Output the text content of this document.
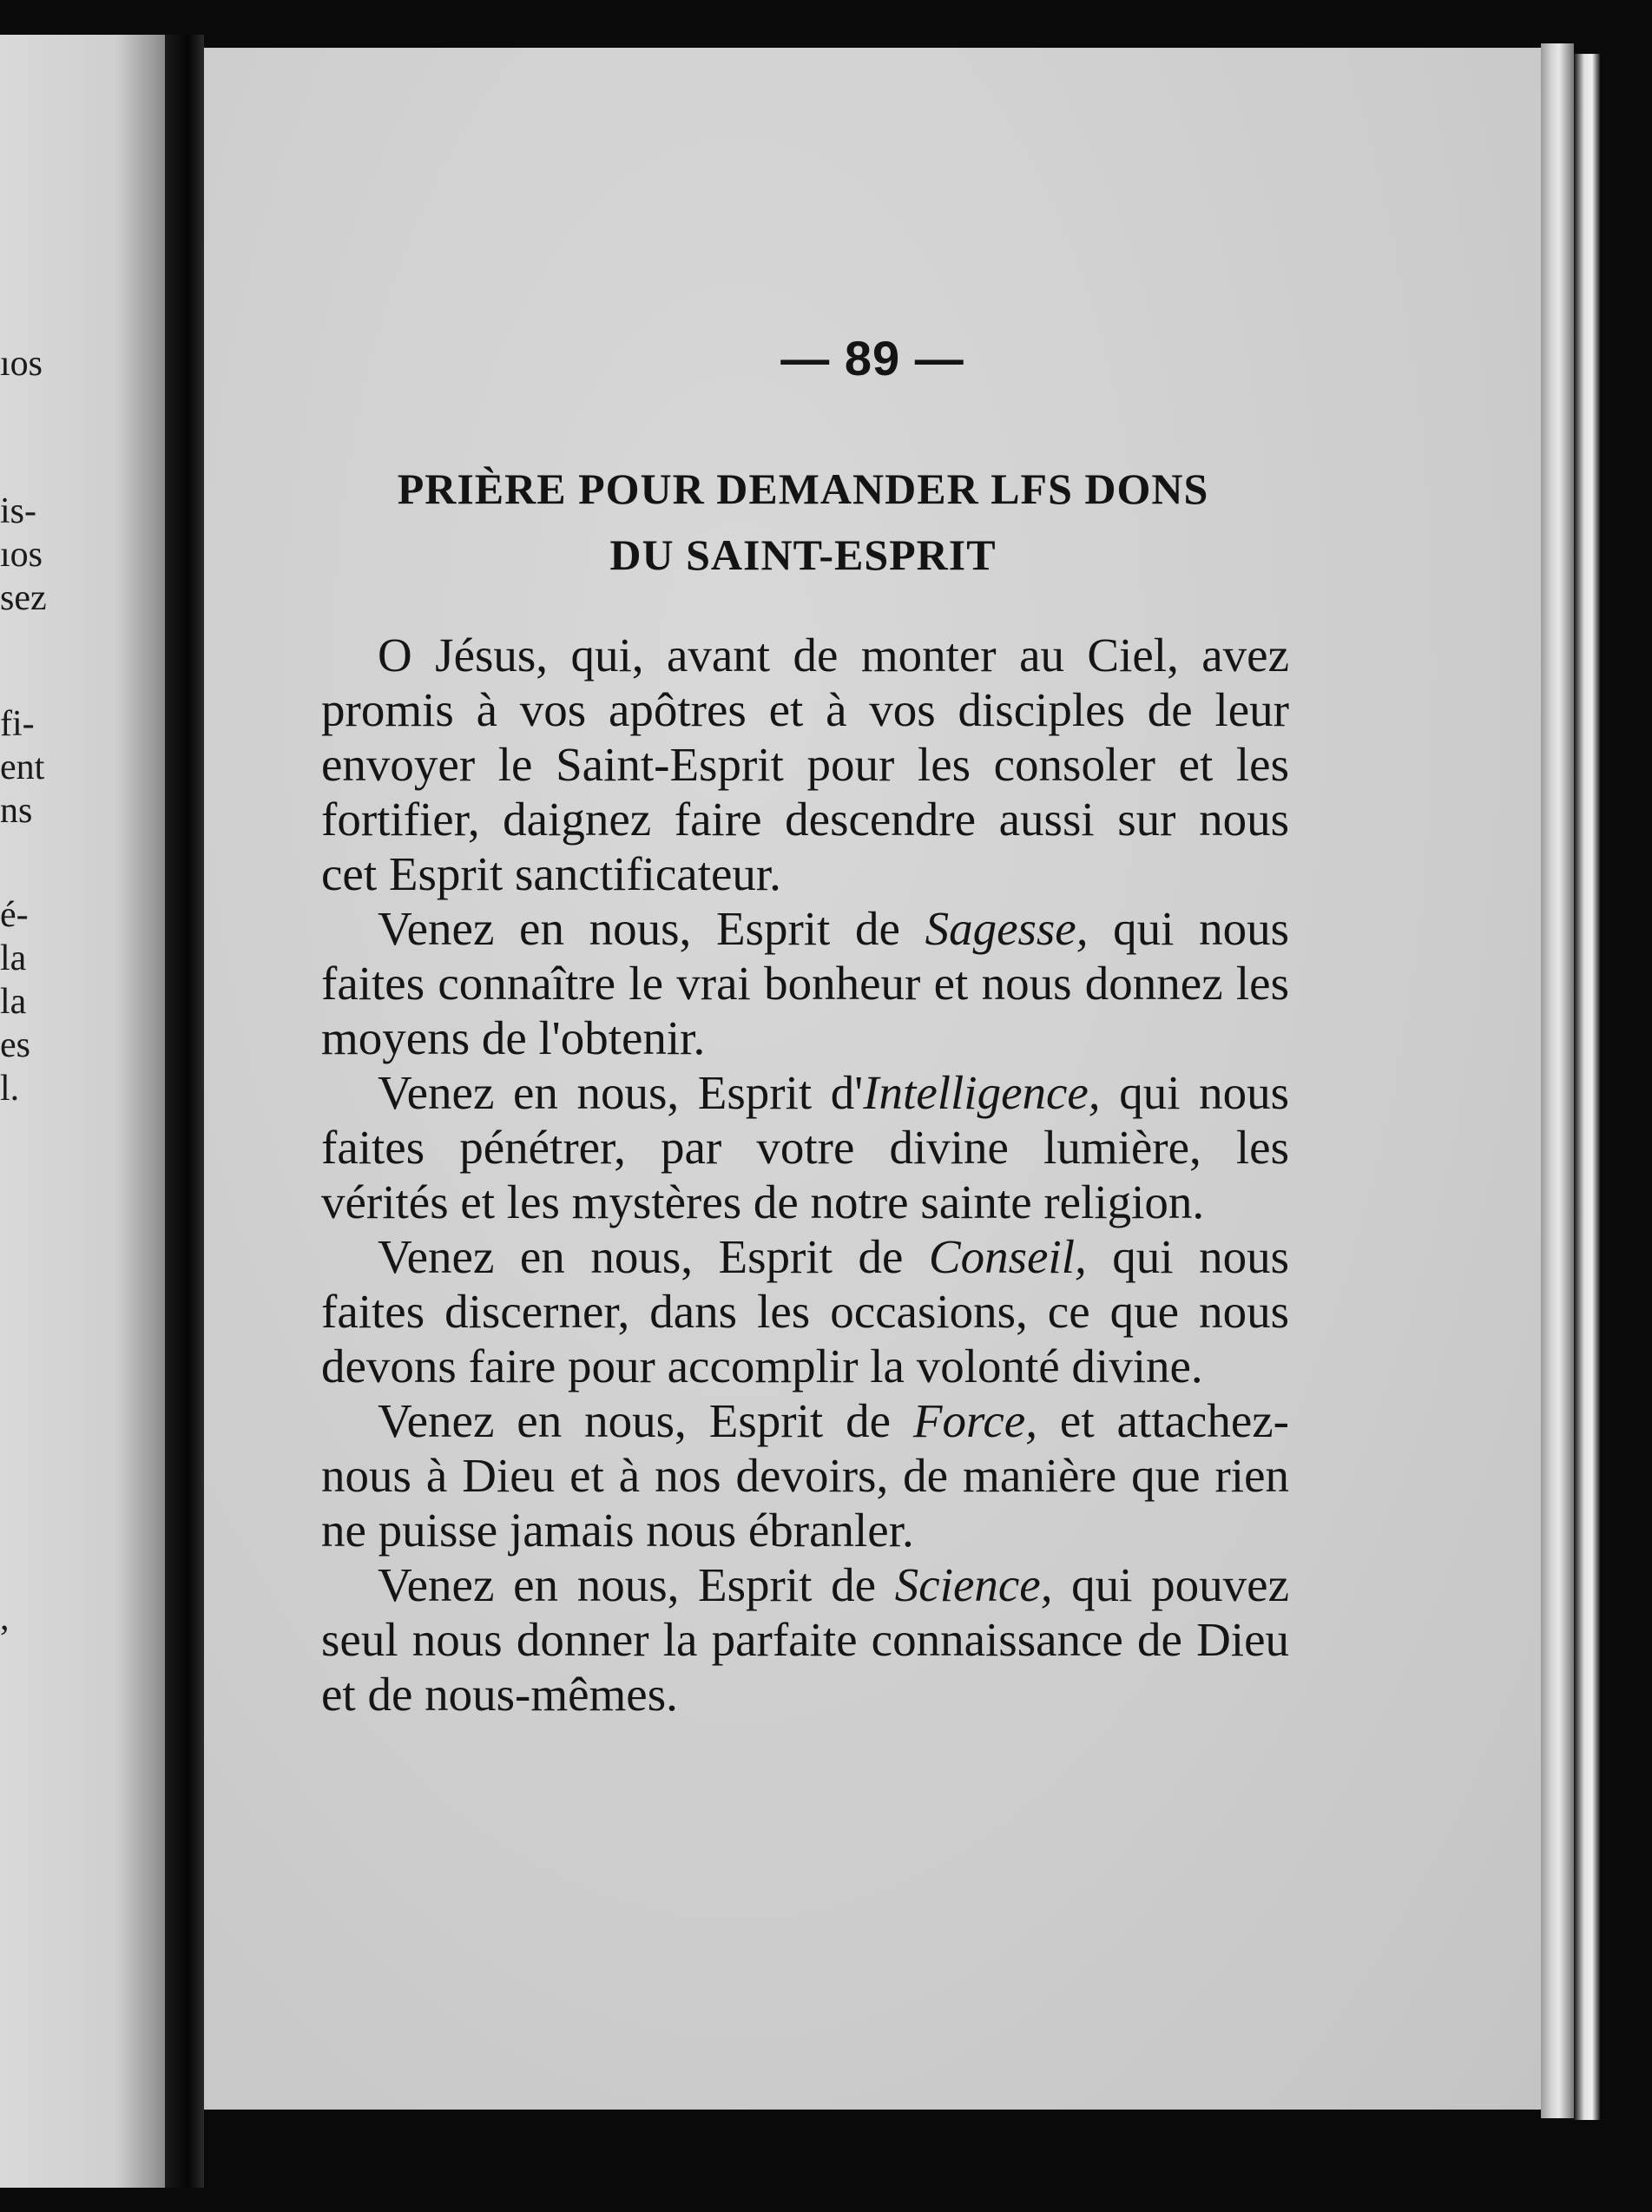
ıos
is-
ıos
sez
fi-
ent
ns
é-
la
la
es
l.
,
— 89 —
PRIÈRE POUR DEMANDER LFS DONS
DU SAINT-ESPRIT

O Jésus, qui, avant de monter au Ciel, avez promis à vos apôtres et à vos disciples de leur envoyer le Saint-Esprit pour les consoler et les fortifier, daignez faire descendre aussi sur nous cet Esprit sanctificateur.

Venez en nous, Esprit de Sagesse, qui nous faites connaître le vrai bonheur et nous donnez les moyens de l'obtenir.

Venez en nous, Esprit d'Intelligence, qui nous faites pénétrer, par votre divine lumière, les vérités et les mystères de notre sainte religion.

Venez en nous, Esprit de Conseil, qui nous faites discerner, dans les occasions, ce que nous devons faire pour accomplir la volonté divine.

Venez en nous, Esprit de Force, et attachez-nous à Dieu et à nos devoirs, de manière que rien ne puisse jamais nous ébranler.

Venez en nous, Esprit de Science, qui pouvez seul nous donner la parfaite connaissance de Dieu et de nous-mêmes.
